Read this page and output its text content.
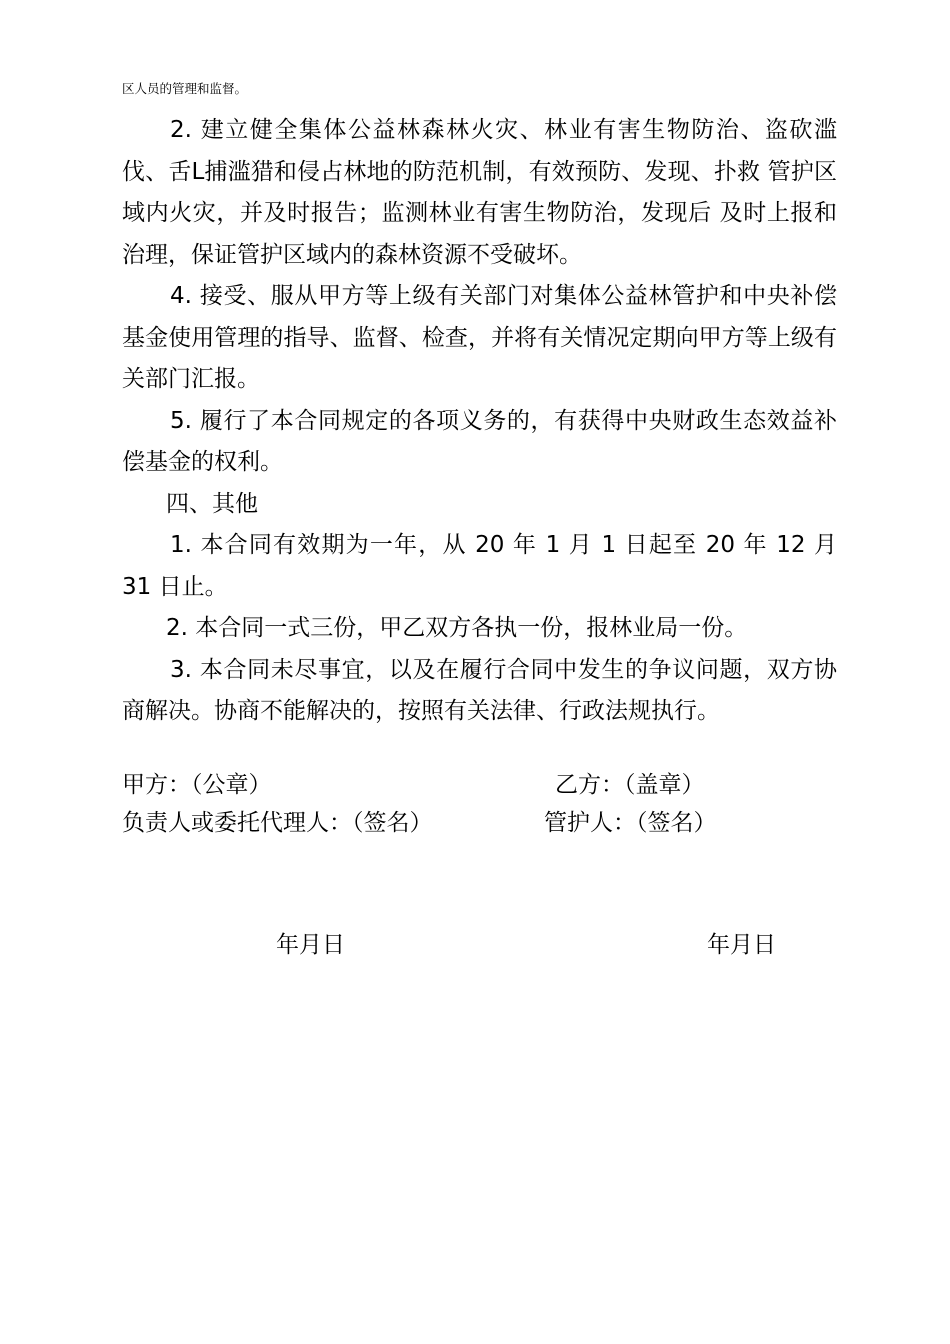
区人员的管理和监督。

2. 建立健全集体公益林森林火灾、林业有害生物防治、盗砍滥伐、舌L捕滥猎和侵占林地的防范机制，有效预防、发现、扑救 管护区域内火灾，并及时报告；监测林业有害生物防治，发现后 及时上报和治理，保证管护区域内的森林资源不受破坏。

4. 接受、服从甲方等上级有关部门对集体公益林管护和中央补偿基金使用管理的指导、监督、检查，并将有关情况定期向甲方等上级有关部门汇报。

5. 履行了本合同规定的各项义务的，有获得中央财政生态效益补偿基金的权利。

四、其他

1. 本合同有效期为一年，从 20 年 1 月 1 日起至 20 年 12 月 31 日止。

2. 本合同一式三份，甲乙双方各执一份，报林业局一份。

3. 本合同未尽事宜，以及在履行合同中发生的争议问题，双方协商解决。协商不能解决的，按照有关法律、行政法规执行。

甲方：（公章）	乙方：（盖章）
负责人或委托代理人：（签名）	管护人：（签名）
年月日	年月日
